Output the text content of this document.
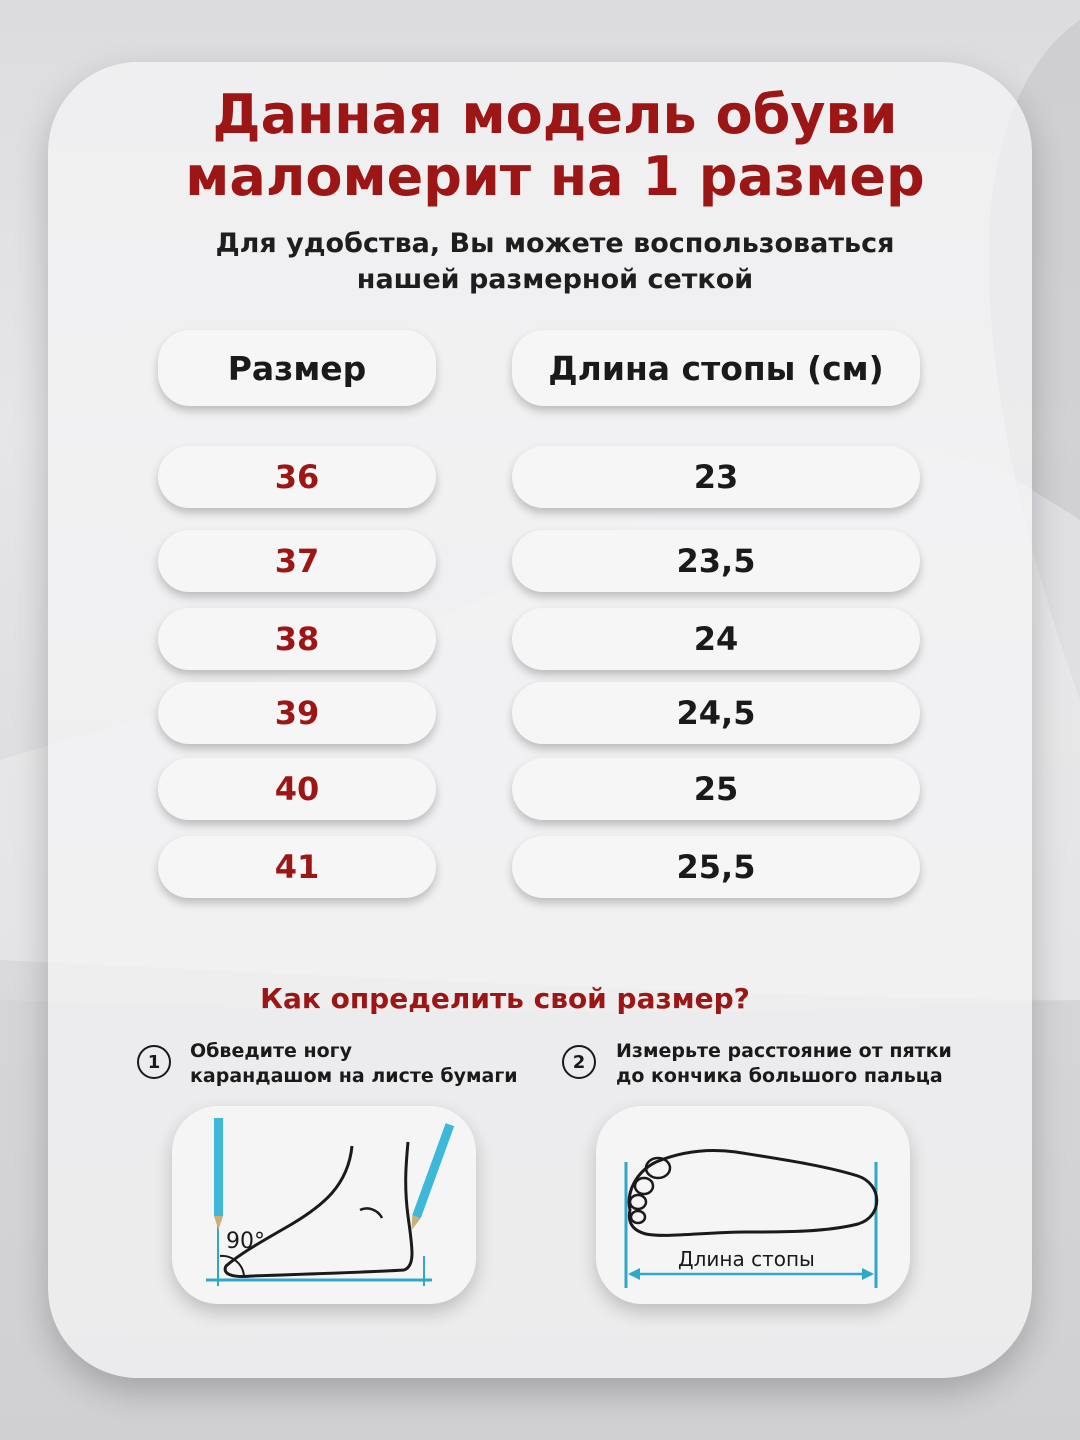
Данная модель обуви
маломерит на 1 размер
Для удобства, Вы можете воспользоваться
нашей размерной сеткой
Размер	Длина стопы (см)
36	23
37	23,5
38	24
39	24,5
40	25
41	25,5
Как определить свой размер?
1 Обведите ногу
карандашом на листе бумаги
2 Измерьте расстояние от пятки
до кончика большого пальца
90°
Длина стопы
